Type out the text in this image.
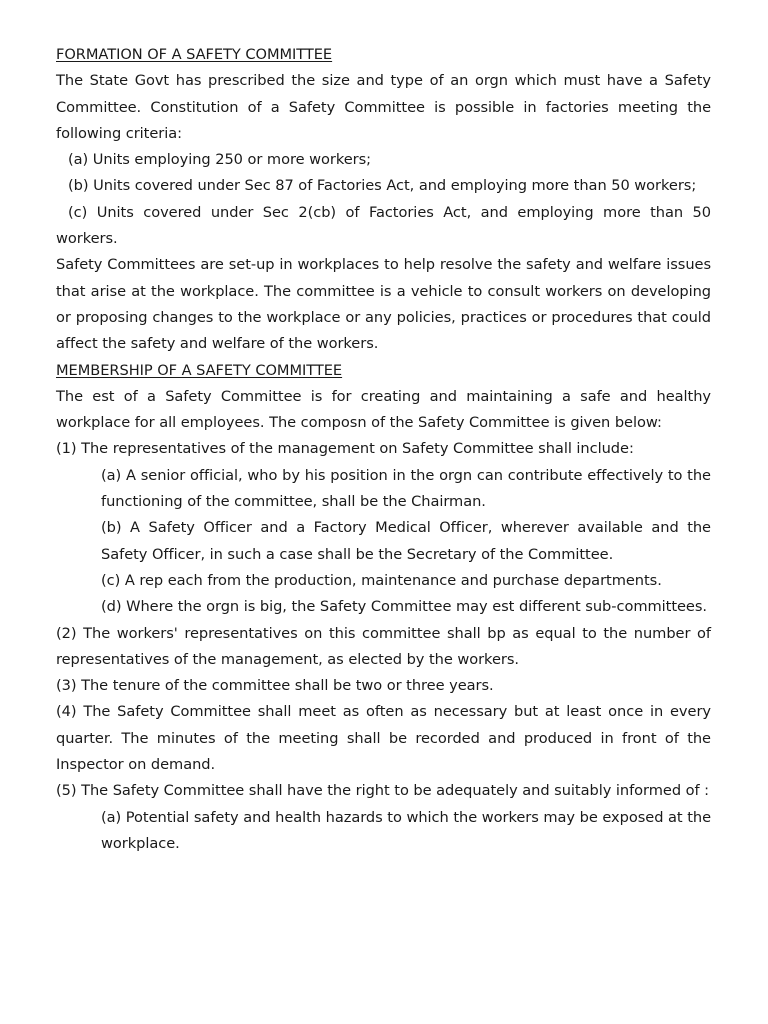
FORMATION OF A SAFETY COMMITTEE

The State Govt has prescribed the size and type of an orgn which must have a Safety Committee. Constitution of a Safety Committee is possible in factories meeting the following criteria:

(a) Units employing 250 or more workers;

(b) Units covered under Sec 87 of Factories Act, and employing more than 50 workers;

(c) Units covered under Sec 2(cb) of Factories Act, and employing more than 50 workers.

Safety Committees are set-up in workplaces to help resolve the safety and welfare issues that arise at the workplace. The committee is a vehicle to consult workers on developing or proposing changes to the workplace or any policies, practices or procedures that could affect the safety and welfare of the workers.

MEMBERSHIP OF A SAFETY COMMITTEE

The est of a Safety Committee is for creating and maintaining a safe and healthy workplace for all employees. The composn of the Safety Committee is given below:

(1) The representatives of the management on Safety Committee shall include:

(a) A senior official, who by his position in the orgn can contribute effectively to the functioning of the committee, shall be the Chairman.

(b) A Safety Officer and a Factory Medical Officer, wherever available and the Safety Officer, in such a case shall be the Secretary of the Committee.

(c) A rep each from the production, maintenance and purchase departments.

(d) Where the orgn is big, the Safety Committee may est different sub-committees.

(2) The workers' representatives on this committee shall bp as equal to the number of representatives of the management, as elected by the workers.

(3) The tenure of the committee shall be two or three years.

(4) The Safety Committee shall meet as often as necessary but at least once in every quarter. The minutes of the meeting shall be recorded and produced in front of the Inspector on demand.

(5) The Safety Committee shall have the right to be adequately and suitably informed of :

(a) Potential safety and health hazards to which the workers may be exposed at the workplace.
